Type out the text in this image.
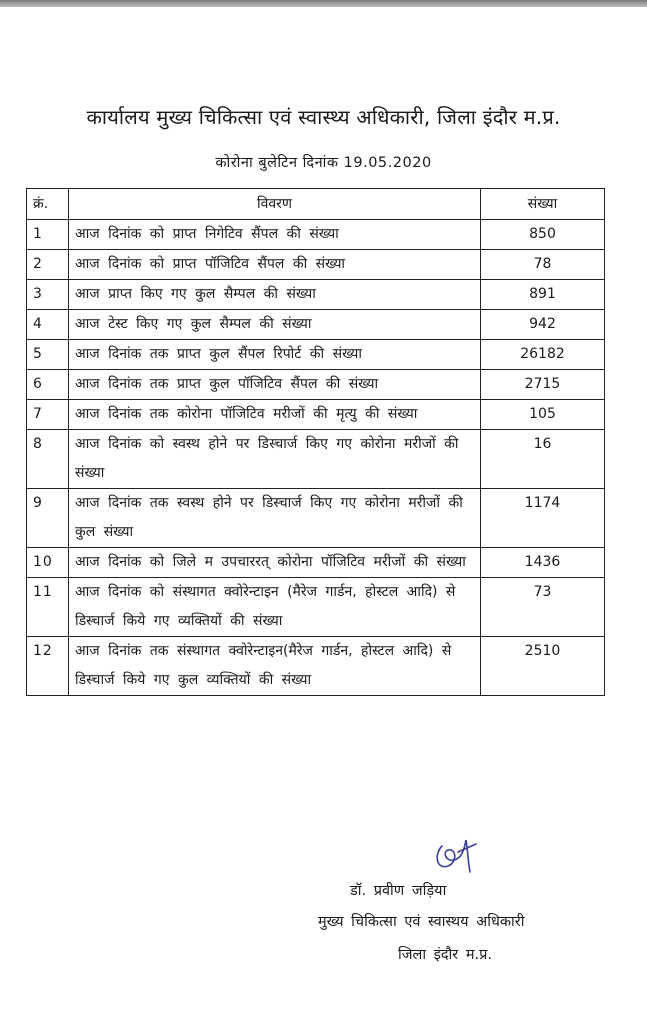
कार्यालय मुख्य चिकित्सा एवं स्वास्थ्य अधिकारी, जिला इंदौर म.प्र.
कोरोना बुलेटिन दिनांक 19.05.2020
क्रं.	विवरण	संख्या
1	आज दिनांक को प्राप्त निगेटिव सैंपल की संख्या	850
2	आज दिनांक को प्राप्त पॉजिटिव सैंपल की संख्या	78
3	आज प्राप्त किए गए कुल सैम्पल की संख्या	891
4	आज टेस्ट किए गए कुल सैम्पल की संख्या	942
5	आज दिनांक तक प्राप्त कुल सैंपल रिपोर्ट की संख्या	26182
6	आज दिनांक तक प्राप्त कुल पॉजिटिव सैंपल की संख्या	2715
7	आज दिनांक तक कोरोना पॉजिटिव मरीजों की मृत्यु की संख्या	105
8	आज दिनांक को स्वस्थ होने पर डिस्चार्ज किए गए कोरोना मरीजों की संख्या	16
9	आज दिनांक तक स्वस्थ होने पर डिस्चार्ज किए गए कोरोना मरीजों की कुल संख्या	1174
10	आज दिनांक को जिले म उपचाररत् कोरोना पॉजिटिव मरीजों की संख्या	1436
11	आज दिनांक को संस्थागत क्वोरेन्टाइन (मैरेज गार्डन, होस्टल आदि) से डिस्चार्ज किये गए व्यक्तियों की संख्या	73
12	आज दिनांक तक संस्थागत क्वोरेन्टाइन(मैरेज गार्डन, होस्टल आदि) से डिस्चार्ज किये गए कुल व्यक्तियों की संख्या	2510
डॉ. प्रवीण जड़िया
मुख्य चिकित्सा एवं स्वास्थय अधिकारी
जिला इंदौर म.प्र.
